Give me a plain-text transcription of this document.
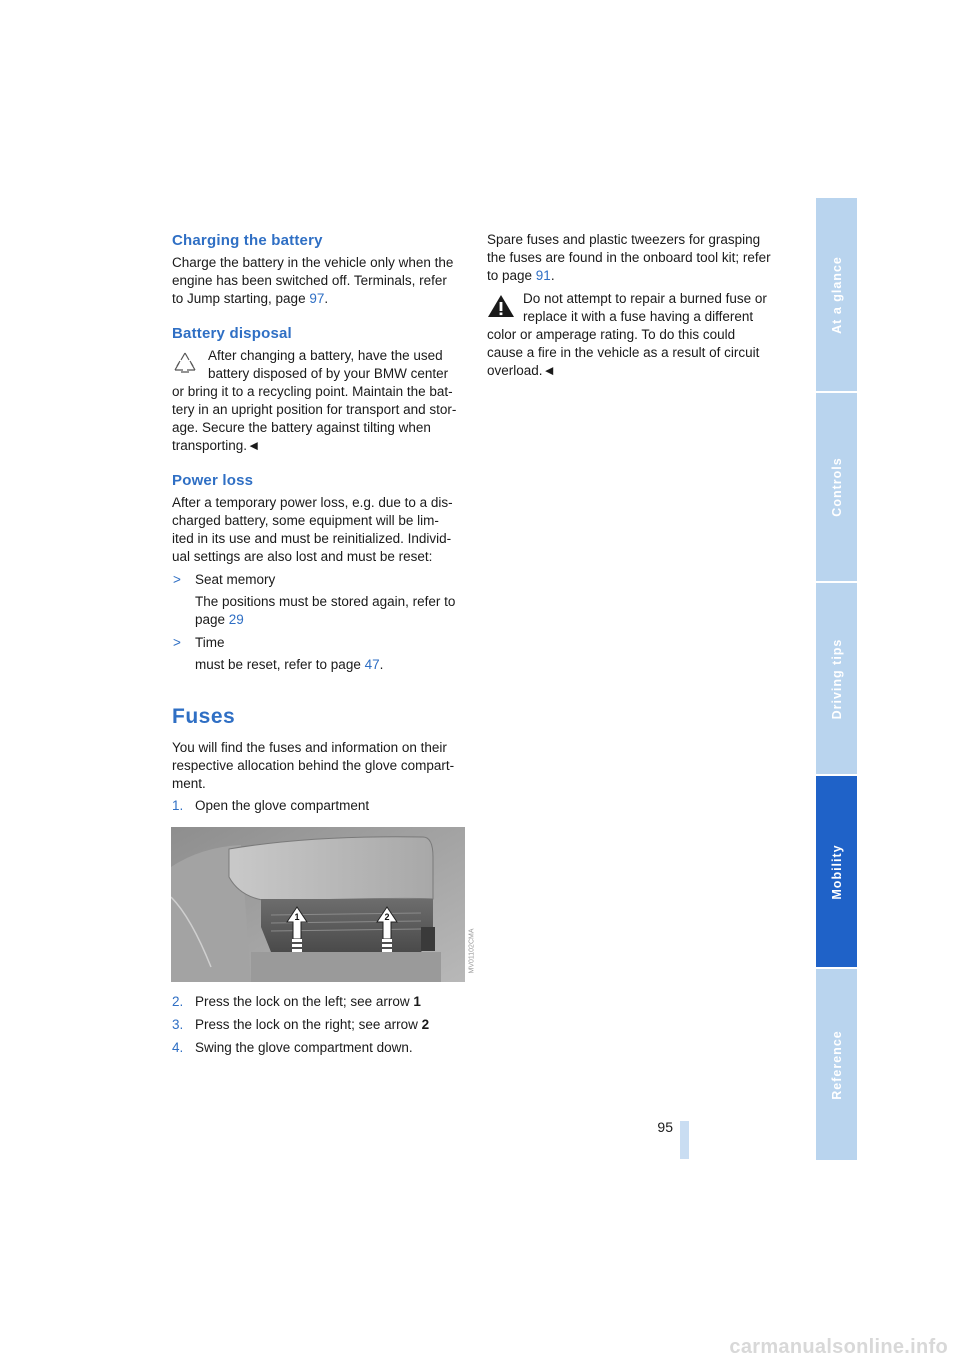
Charging the battery
Charge the battery in the vehicle only when the
engine has been switched off. Terminals, refer
to Jump starting, page 97.
Battery disposal
After changing a battery, have the used
battery disposed of by your BMW center
or bring it to a recycling point. Maintain the bat-
tery in an upright position for transport and stor-
age. Secure the battery against tilting when
transporting.◄
Power loss
After a temporary power loss, e.g. due to a dis-
charged battery, some equipment will be lim-
ited in its use and must be reinitialized. Individ-
ual settings are also lost and must be reset:
> Seat memory
The positions must be stored again, refer to
page 29
> Time
must be reset, refer to page 47.
Fuses
You will find the fuses and information on their
respective allocation behind the glove compart-
ment.
1. Open the glove compartment
1	2
MV01102CMA
2. Press the lock on the left; see arrow 1
3. Press the lock on the right; see arrow 2
4. Swing the glove compartment down.
Spare fuses and plastic tweezers for grasping
the fuses are found in the onboard tool kit; refer
to page 91.
Do not attempt to repair a burned fuse or
replace it with a fuse having a different
color or amperage rating. To do this could
cause a fire in the vehicle as a result of circuit
overload.◄
At a glance
Controls
Driving tips
Mobility
Reference
95
carmanualsonline.info
